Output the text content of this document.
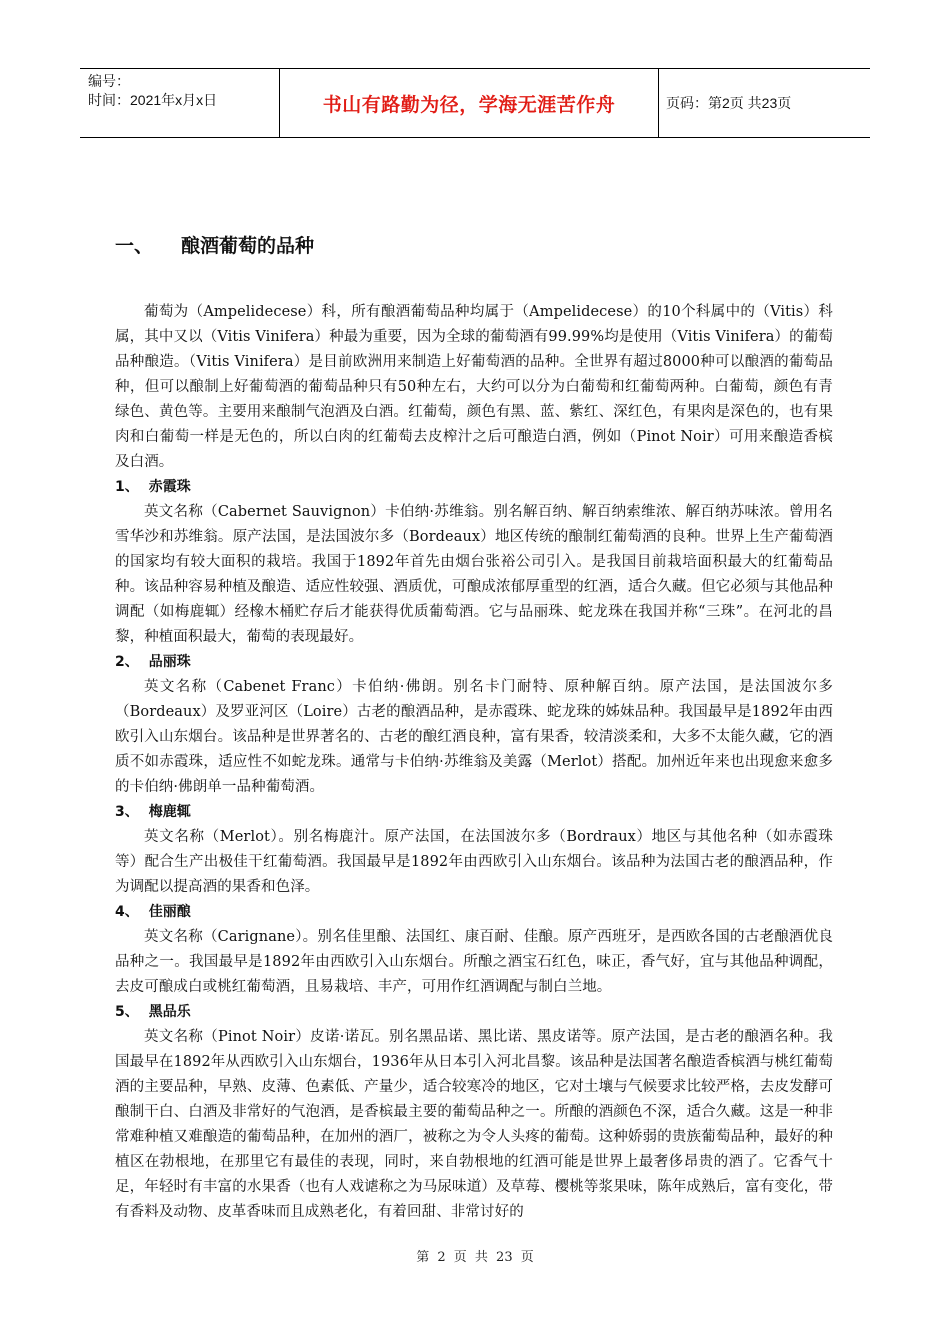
编号：
时间：2021年x月x日	书山有路勤为径，学海无涯苦作舟	页码：第2页 共23页
一、 酿酒葡萄的品种

葡萄为（Ampelidecese）科，所有酿酒葡萄品种均属于（Ampelidecese）的10个科属中的（Vitis）科属，其中又以（Vitis Vinifera）种最为重要，因为全球的葡萄酒有99.99%均是使用（Vitis Vinifera）的葡萄品种酿造。（Vitis Vinifera）是目前欧洲用来制造上好葡萄酒的品种。全世界有超过8000种可以酿酒的葡萄品种，但可以酿制上好葡萄酒的葡萄品种只有50种左右，大约可以分为白葡萄和红葡萄两种。白葡萄，颜色有青绿色、黄色等。主要用来酿制气泡酒及白酒。红葡萄，颜色有黑、蓝、紫红、深红色，有果肉是深色的，也有果肉和白葡萄一样是无色的，所以白肉的红葡萄去皮榨汁之后可酿造白酒，例如（Pinot Noir）可用来酿造香槟及白酒。

1、 赤霞珠

英文名称（Cabernet Sauvignon）卡伯纳·苏维翁。别名解百纳、解百纳索维浓、解百纳苏味浓。曾用名雪华沙和苏维翁。原产法国，是法国波尔多（Bordeaux）地区传统的酿制红葡萄酒的良种。世界上生产葡萄酒的国家均有较大面积的栽培。我国于1892年首先由烟台张裕公司引入。是我国目前栽培面积最大的红葡萄品种。该品种容易种植及酿造、适应性较强、酒质优，可酿成浓郁厚重型的红酒，适合久藏。但它必须与其他品种调配（如梅鹿辄）经橡木桶贮存后才能获得优质葡萄酒。它与品丽珠、蛇龙珠在我国并称“三珠”。在河北的昌黎，种植面积最大，葡萄的表现最好。

2、 品丽珠

英文名称（Cabenet Franc）卡伯纳·佛朗。别名卡门耐特、原种解百纳。原产法国，是法国波尔多（Bordeaux）及罗亚河区（Loire）古老的酿酒品种，是赤霞珠、蛇龙珠的姊妹品种。我国最早是1892年由西欧引入山东烟台。该品种是世界著名的、古老的酿红酒良种，富有果香，较清淡柔和，大多不太能久藏，它的酒质不如赤霞珠，适应性不如蛇龙珠。通常与卡伯纳·苏维翁及美露（Merlot）搭配。加州近年来也出现愈来愈多的卡伯纳·佛朗单一品种葡萄酒。

3、 梅鹿辄

英文名称（Merlot）。别名梅鹿汁。原产法国，在法国波尔多（Bordraux）地区与其他名种（如赤霞珠等）配合生产出极佳干红葡萄酒。我国最早是1892年由西欧引入山东烟台。该品种为法国古老的酿酒品种，作为调配以提高酒的果香和色泽。

4、 佳丽酿

英文名称（Carignane）。别名佳里酿、法国红、康百耐、佳酿。原产西班牙，是西欧各国的古老酿酒优良品种之一。我国最早是1892年由西欧引入山东烟台。所酿之酒宝石红色，味正，香气好，宜与其他品种调配，去皮可酿成白或桃红葡萄酒，且易栽培、丰产，可用作红酒调配与制白兰地。

5、 黑品乐

英文名称（Pinot Noir）皮诺·诺瓦。别名黑品诺、黑比诺、黑皮诺等。原产法国，是古老的酿酒名种。我国最早在1892年从西欧引入山东烟台，1936年从日本引入河北昌黎。该品种是法国著名酿造香槟酒与桃红葡萄酒的主要品种，早熟、皮薄、色素低、产量少，适合较寒冷的地区，它对土壤与气候要求比较严格，去皮发酵可酿制干白、白酒及非常好的气泡酒，是香槟最主要的葡萄品种之一。所酿的酒颜色不深，适合久藏。这是一种非常难种植又难酿造的葡萄品种，在加州的酒厂，被称之为令人头疼的葡萄。这种娇弱的贵族葡萄品种，最好的种植区在勃根地，在那里它有最佳的表现，同时，来自勃根地的红酒可能是世界上最奢侈昂贵的酒了。它香气十足，年轻时有丰富的水果香（也有人戏谑称之为马尿味道）及草莓、樱桃等浆果味，陈年成熟后，富有变化，带有香料及动物、皮革香味而且成熟老化，有着回甜、非常讨好的

第 2 页 共 23 页
